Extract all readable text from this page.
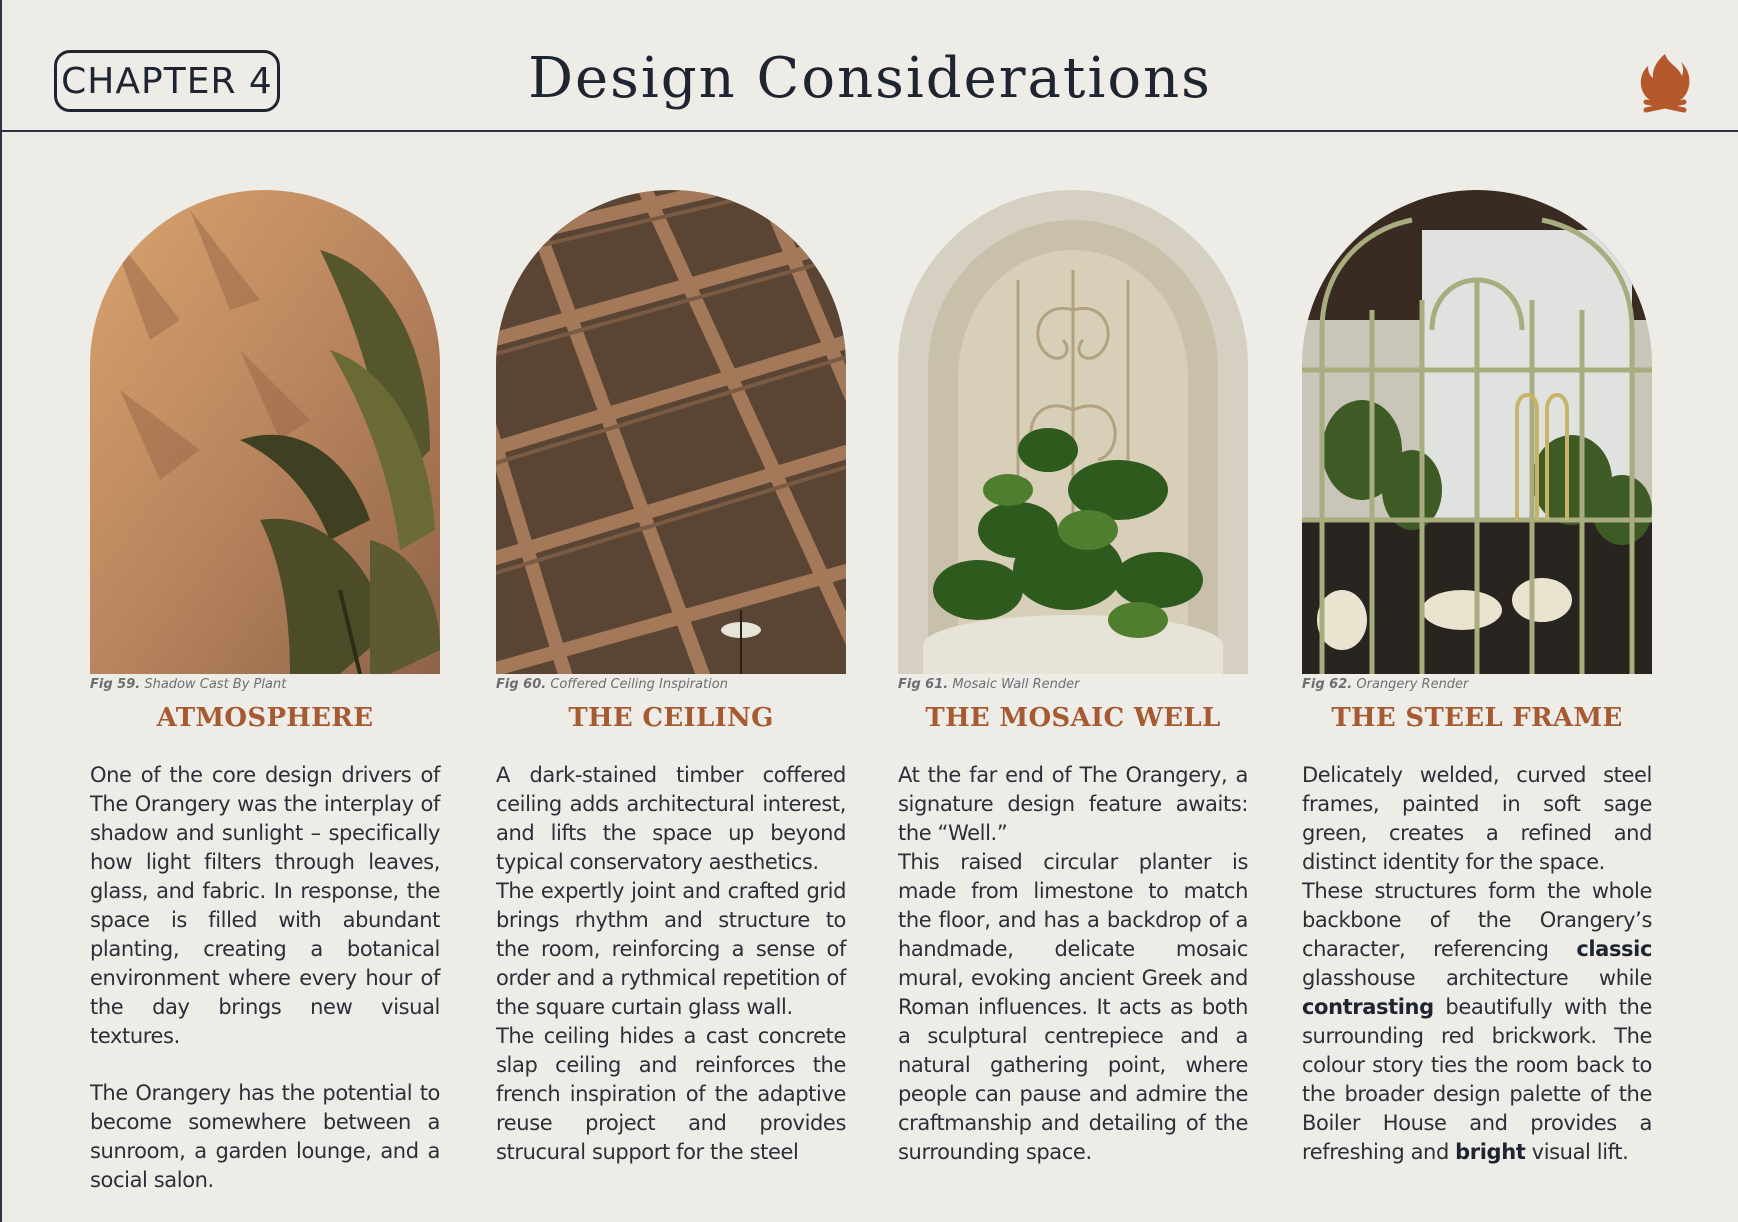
CHAPTER 4	Design Considerations
Fig 59. Shadow Cast By Plant
ATMOSPHERE

One of the core design drivers of The Orangery was the interplay of shadow and sunlight – specifically how light filters through leaves, glass, and fabric. In response, the space is filled with abundant planting, creating a botanical environment where every hour of the day brings new visual textures.

The Orangery has the potential to become somewhere between a sunroom, a garden lounge, and a social salon.

Fig 60. Coffered Ceiling Inspiration
THE CEILING

A dark-stained timber coffered ceiling adds architectural interest, and lifts the space up beyond typical conservatory aesthetics.

The expertly joint and crafted grid brings rhythm and structure to the room, reinforcing a sense of order and a rythmical repetition of the square curtain glass wall.

The ceiling hides a cast concrete slap ceiling and reinforces the french inspiration of the adaptive reuse project and provides strucural support for the steel

Fig 61. Mosaic Wall Render
THE MOSAIC WELL

At the far end of The Orangery, a signature design feature awaits: the “Well.”

This raised circular planter is made from limestone to match the floor, and has a backdrop of a handmade, delicate mosaic mural, evoking ancient Greek and Roman influences. It acts as both a sculptural centrepiece and a natural gathering point, where people can pause and admire the craftmanship and detailing of the surrounding space.

Fig 62. Orangery Render
THE STEEL FRAME

Delicately welded, curved steel frames, painted in soft sage green, creates a refined and distinct identity for the space.

These structures form the whole backbone of the Orangery’s character, referencing classic glasshouse architecture while contrasting beautifully with the surrounding red brickwork. The colour story ties the room back to the broader design palette of the Boiler House and provides a refreshing and bright visual lift.
